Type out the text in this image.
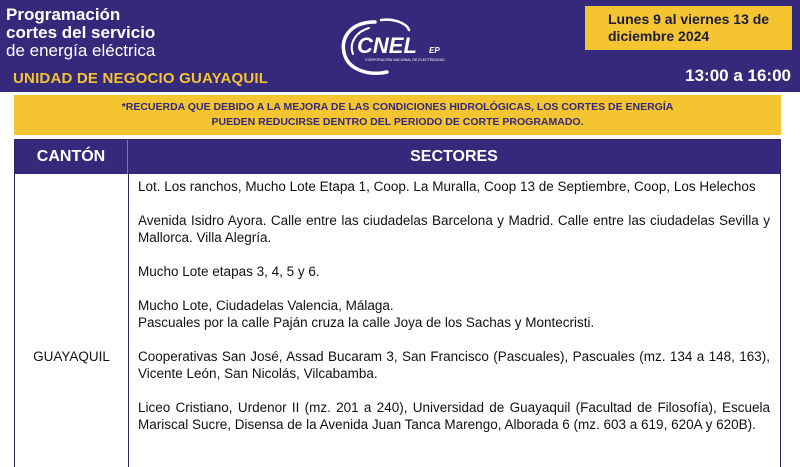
Programación
cortes del servicio
de energía eléctrica
UNIDAD DE NEGOCIO GUAYAQUIL
CNEL EP
CORPORACIÓN NACIONAL DE ELECTRICIDAD
Lunes 9 al viernes 13 de
diciembre 2024
13:00 a 16:00
*RECUERDA QUE DEBIDO A LA MEJORA DE LAS CONDICIONES HIDROLÓGICAS, LOS CORTES DE ENERGÍA
PUEDEN REDUCIRSE DENTRO DEL PERIODO DE CORTE PROGRAMADO.
CANTÓN	SECTORES
GUAYAQUIL
Lot. Los ranchos, Mucho Lote Etapa 1, Coop. La Muralla, Coop 13 de Septiembre, Coop, Los Helechos
Avenida Isidro Ayora. Calle entre las ciudadelas Barcelona y Madrid. Calle entre las ciudadelas Sevilla y Mallorca. Villa Alegría.
Mucho Lote etapas 3, 4, 5 y 6.
Mucho Lote, Ciudadelas Valencia, Málaga.
Pascuales por la calle Paján cruza la calle Joya de los Sachas y Montecristi.
Cooperativas San José, Assad Bucaram 3, San Francisco (Pascuales), Pascuales (mz. 134 a 148, 163), Vicente León, San Nicolás, Vilcabamba.
Liceo Cristiano, Urdenor II (mz. 201 a 240), Universidad de Guayaquil (Facultad de Filosofía), Escuela Mariscal Sucre, Disensa de la Avenida Juan Tanca Marengo, Alborada 6 (mz. 603 a 619, 620A y 620B).
